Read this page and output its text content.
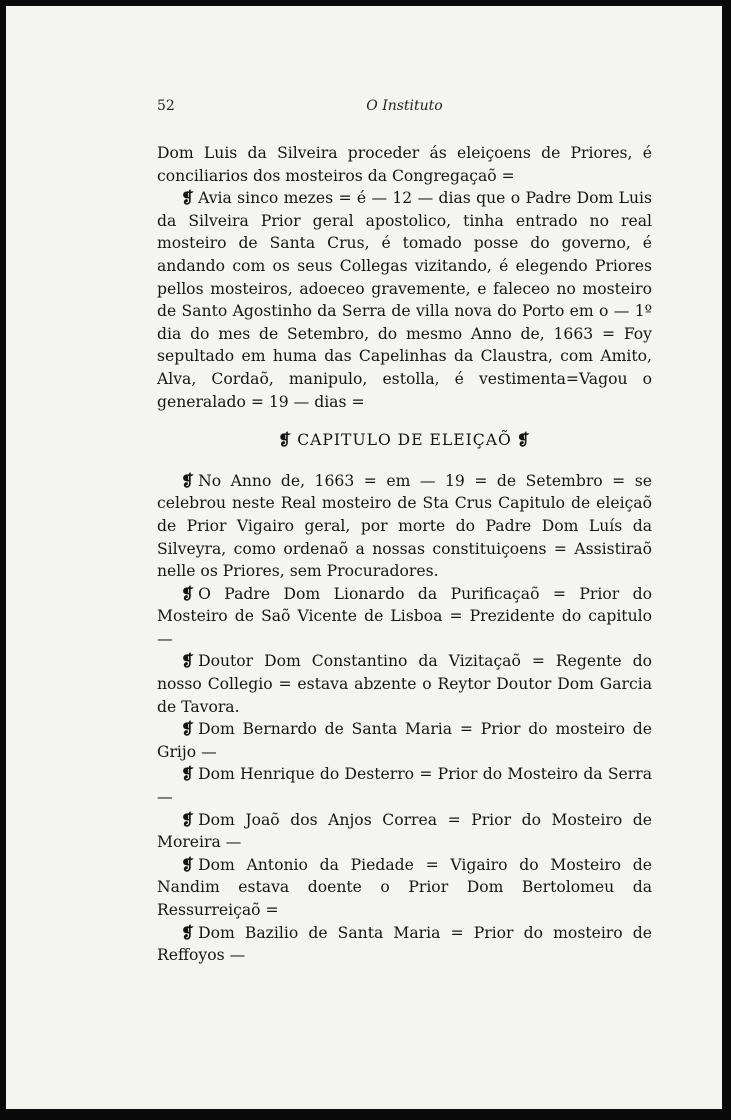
52	O Instituto

Dom Luis da Silveira proceder ás eleiçoens de Priores, é conciliarios dos mosteiros da Congregaçaõ =

❡ Avia sinco mezes = é — 12 — dias que o Padre Dom Luis da Silveira Prior geral apostolico, tinha entrado no real mosteiro de Santa Crus, é tomado posse do governo, é andando com os seus Collegas vizitando, é elegendo Priores pellos mosteiros, adoeceo gravemente, e faleceo no mosteiro de Santo Agostinho da Serra de villa nova do Porto em o — 1º dia do mes de Setembro, do mesmo Anno de, 1663 = Foy sepultado em huma das Capelinhas da Claustra, com Amito, Alva, Cordaõ, manipulo, estolla, é vestimenta=Vagou o generalado = 19 — dias =

❡ CAPITULO DE ELEIÇAÕ ❡

❡ No Anno de, 1663 = em — 19 = de Setembro = se celebrou neste Real mosteiro de Sta Crus Capitulo de eleiçaõ de Prior Vigairo geral, por morte do Padre Dom Luís da Silveyra, como ordenaõ a nossas constituiçoens = Assistiraõ nelle os Priores, sem Procuradores.

❡ O Padre Dom Lionardo da Purificaçaõ = Prior do Mosteiro de Saõ Vicente de Lisboa = Prezidente do capitulo —

❡ Doutor Dom Constantino da Vizitaçaõ = Regente do nosso Collegio = estava abzente o Reytor Doutor Dom Garcia de Tavora.

❡ Dom Bernardo de Santa Maria = Prior do mosteiro de Grijo —

❡ Dom Henrique do Desterro = Prior do Mosteiro da Serra —

❡ Dom Joaõ dos Anjos Correa = Prior do Mosteiro de Moreira —

❡ Dom Antonio da Piedade = Vigairo do Mosteiro de Nandim estava doente o Prior Dom Bertolomeu da Ressurreiçaõ =

❡ Dom Bazilio de Santa Maria = Prior do mosteiro de Reffoyos —
